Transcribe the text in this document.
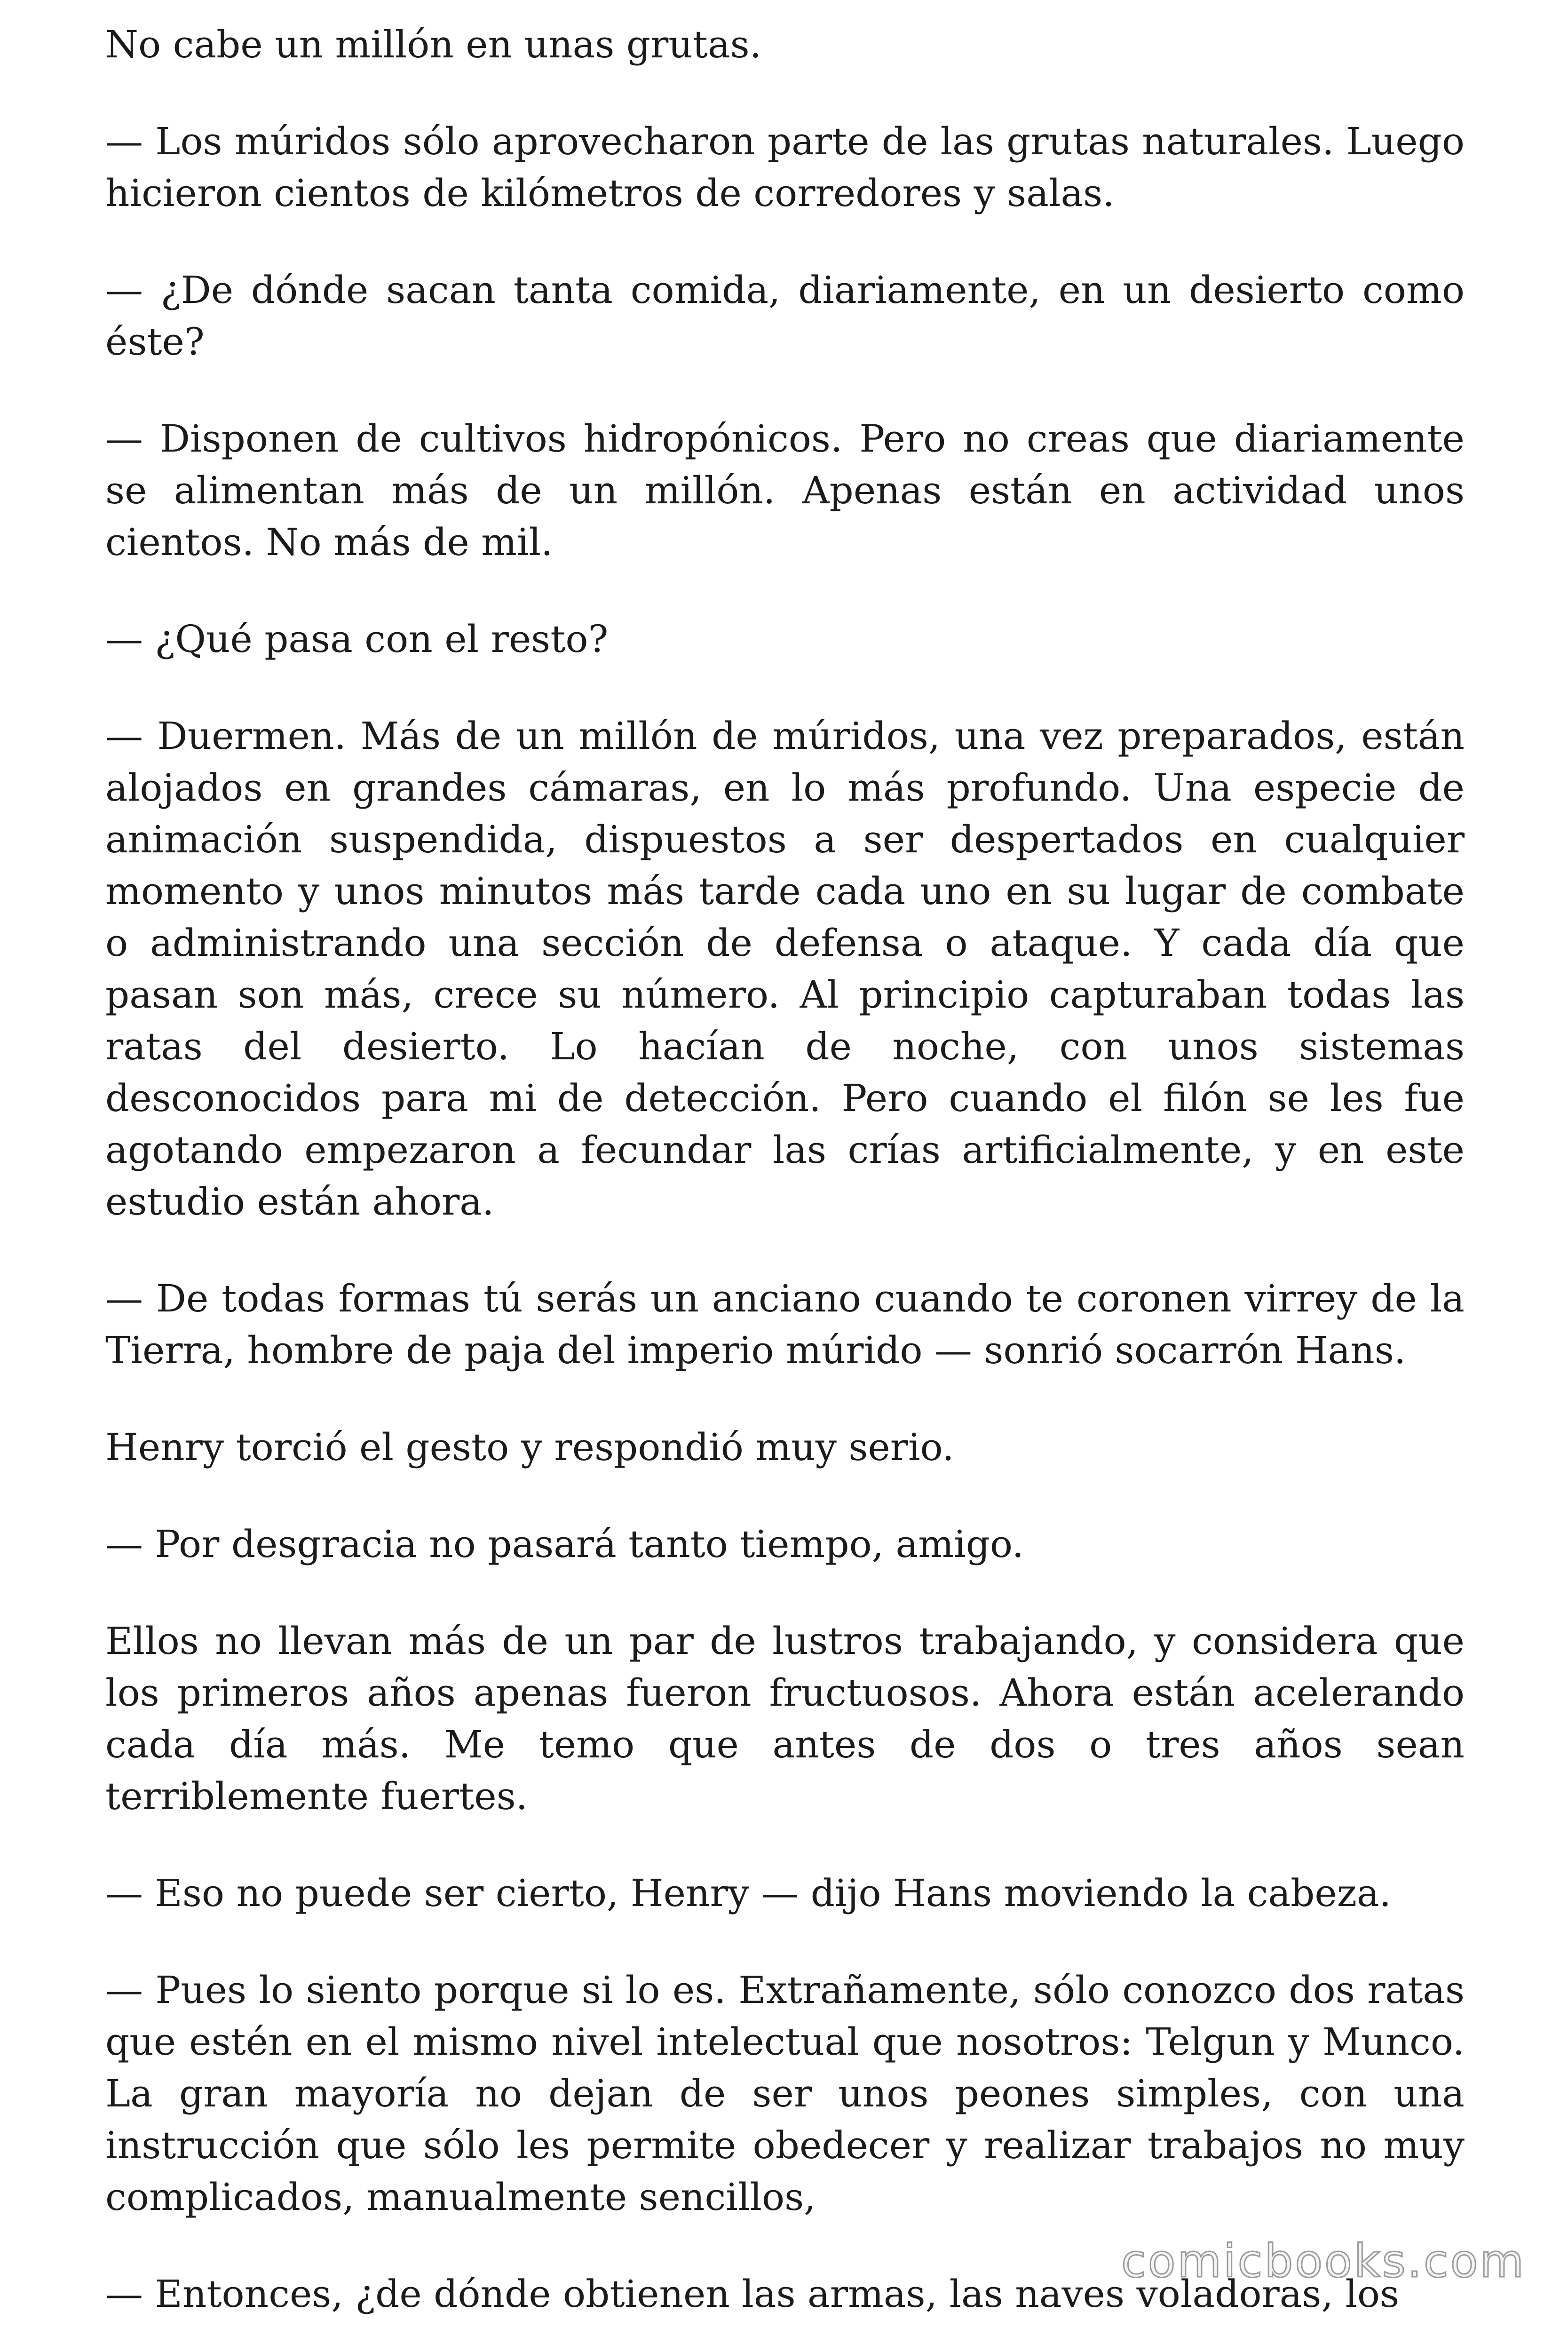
No cabe un millón en unas grutas.

— Los múridos sólo aprovecharon parte de las grutas naturales. Luego hicieron cientos de kilómetros de corredores y salas.

— ¿De dónde sacan tanta comida, diariamente, en un desierto como éste?

— Disponen de cultivos hidropónicos. Pero no creas que diariamente se alimentan más de un millón. Apenas están en actividad unos cientos. No más de mil.

— ¿Qué pasa con el resto?

— Duermen. Más de un millón de múridos, una vez preparados, están alojados en grandes cámaras, en lo más profundo. Una especie de animación suspendida, dispuestos a ser despertados en cualquier momento y unos minutos más tarde cada uno en su lugar de combate o administrando una sección de defensa o ataque. Y cada día que pasan son más, crece su número. Al principio capturaban todas las ratas del desierto. Lo hacían de noche, con unos sistemas desconocidos para mi de detección. Pero cuando el filón se les fue agotando empezaron a fecundar las crías artificialmente, y en este estudio están ahora.

— De todas formas tú serás un anciano cuando te coronen virrey de la Tierra, hombre de paja del imperio múrido — sonrió socarrón Hans.

Henry torció el gesto y respondió muy serio.

— Por desgracia no pasará tanto tiempo, amigo.

Ellos no llevan más de un par de lustros trabajando, y considera que los primeros años apenas fueron fructuosos. Ahora están acelerando cada día más. Me temo que antes de dos o tres años sean terriblemente fuertes.

— Eso no puede ser cierto, Henry — dijo Hans moviendo la cabeza.

— Pues lo siento porque si lo es. Extrañamente, sólo conozco dos ratas que estén en el mismo nivel intelectual que nosotros: Telgun y Munco. La gran mayoría no dejan de ser unos peones simples, con una instrucción que sólo les permite obedecer y realizar trabajos no muy complicados, manualmente sencillos,

— Entonces, ¿de dónde obtienen las armas, las naves voladoras, los

comicbooks.com
